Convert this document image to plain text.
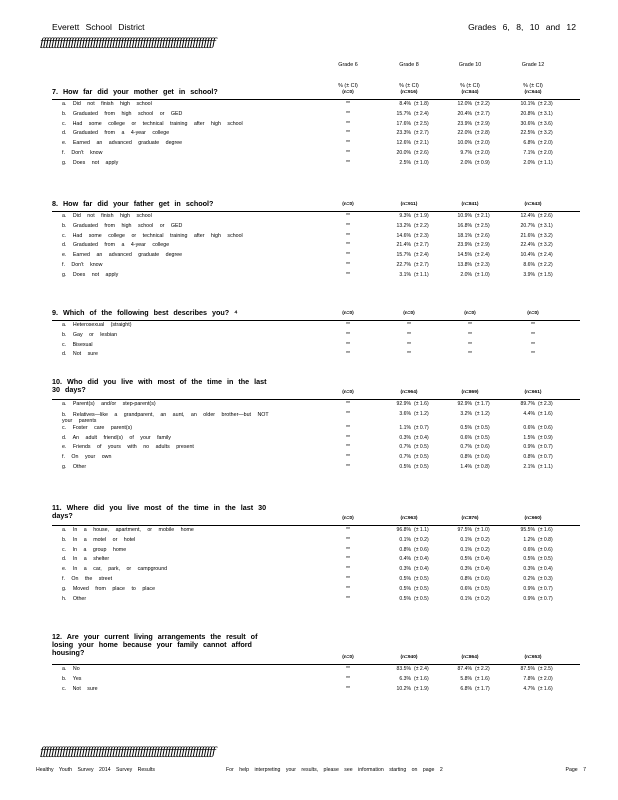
Everett School District	Grades 6, 8, 10 and 12
ƒƒƒƒƒƒƒƒƒƒƒƒƒƒƒƒƒƒƒƒƒƒƒƒƒƒƒƒƒƒƒƒƒƒƒƒƒƒƒƒƒƒƒƒƒƒƒƒƒƒƒƒƒƒƒƒƒƒƒƒƒƒƒ
Grade 6
% (± CI)
Grade 8
% (± CI)
Grade 10
% (± CI)
Grade 12
% (± CI)
7. How far did your mother get in school?	(n=0)	(n=916)	(n=844)	(n=644)
a. Did not finish high school	**	8.4% (± 1.8)	12.0% (± 2.2)	10.1% (± 2.3)
b. Graduated from high school or GED	**	15.7% (± 2.4)	20.4% (± 2.7)	20.8% (± 3.1)
c. Had some college or technical training after high school	**	17.6% (± 2.5)	23.9% (± 2.9)	30.6% (± 3.6)
d. Graduated from a 4-year college	**	23.3% (± 2.7)	22.0% (± 2.8)	22.5% (± 3.2)
e. Earned an advanced graduate degree	**	12.6% (± 2.1)	10.0% (± 2.0)	6.8% (± 2.0)
f. Don't know	**	20.0% (± 2.6)	9.7% (± 2.0)	7.1% (± 2.0)
g. Does not apply	**	2.5% (± 1.0)	2.0% (± 0.9)	2.0% (± 1.1)
8. How far did your father get in school?	(n=0)	(n=911)	(n=841)	(n=643)
a. Did not finish high school	**	9.3% (± 1.9)	10.9% (± 2.1)	12.4% (± 2.6)
b. Graduated from high school or GED	**	13.2% (± 2.2)	16.8% (± 2.5)	20.7% (± 3.1)
c. Had some college or technical training after high school	**	14.6% (± 2.3)	18.1% (± 2.6)	21.6% (± 3.2)
d. Graduated from a 4-year college	**	21.4% (± 2.7)	23.9% (± 2.9)	22.4% (± 3.2)
e. Earned an advanced graduate degree	**	15.7% (± 2.4)	14.5% (± 2.4)	10.4% (± 2.4)
f. Don't know	**	22.7% (± 2.7)	13.8% (± 2.3)	8.6% (± 2.2)
g. Does not apply	**	3.1% (± 1.1)	2.0% (± 1.0)	3.9% (± 1.5)
9. Which of the following best describes you? ⁴	(n=0)	(n=0)	(n=0)	(n=0)
a. Heterosexual (straight)	**	**	**	**
b. Gay or lesbian	**	**	**	**
c. Bisexual	**	**	**	**
d. Not sure	**	**	**	**
10. Who did you live with most of the time in the last 30 days?	(n=0)	(n=964)	(n=869)	(n=661)
a. Parent(s) and/or step-parent(s)	**	92.9% (± 1.6)	92.9% (± 1.7)	89.7% (± 2.3)
b. Relatives—like a grandparent, an aunt, an older brother—but NOT your parents
**	3.6% (± 1.2)	3.2% (± 1.2)	4.4% (± 1.6)
c. Foster care parent(s)	**	1.1% (± 0.7)	0.5% (± 0.5)	0.6% (± 0.6)
d. An adult friend(s) of your family	**	0.3% (± 0.4)	0.6% (± 0.5)	1.5% (± 0.9)
e. Friends of yours with no adults present	**	0.7% (± 0.5)	0.7% (± 0.6)	0.9% (± 0.7)
f. On your own	**	0.7% (± 0.5)	0.8% (± 0.6)	0.8% (± 0.7)
g. Other	**	0.5% (± 0.5)	1.4% (± 0.8)	2.1% (± 1.1)
11. Where did you live most of the time in the last 30 days?	(n=0)	(n=963)	(n=876)	(n=660)
a. In a house, apartment, or mobile home	**	96.8% (± 1.1)	97.5% (± 1.0)	95.5% (± 1.6)
b. In a motel or hotel	**	0.1% (± 0.2)	0.1% (± 0.2)	1.2% (± 0.8)
c. In a group home	**	0.8% (± 0.6)	0.1% (± 0.2)	0.6% (± 0.6)
d. In a shelter	**	0.4% (± 0.4)	0.5% (± 0.4)	0.5% (± 0.5)
e. In a car, park, or campground	**	0.3% (± 0.4)	0.3% (± 0.4)	0.3% (± 0.4)
f. On the street	**	0.5% (± 0.5)	0.8% (± 0.6)	0.2% (± 0.3)
g. Moved from place to place	**	0.5% (± 0.5)	0.6% (± 0.5)	0.9% (± 0.7)
h. Other	**	0.5% (± 0.5)	0.1% (± 0.2)	0.9% (± 0.7)
12. Are your current living arrangements the result of losing your home because your family cannot afford housing?
(n=0)	(n=940)	(n=864)	(n=653)
a. No	**	83.5% (± 2.4)	87.4% (± 2.2)	87.5% (± 2.5)
b. Yes	**	6.3% (± 1.6)	5.8% (± 1.6)	7.8% (± 2.0)
c. Not sure	**	10.2% (± 1.9)	6.8% (± 1.7)	4.7% (± 1.6)
ƒƒƒƒƒƒƒƒƒƒƒƒƒƒƒƒƒƒƒƒƒƒƒƒƒƒƒƒƒƒƒƒƒƒƒƒƒƒƒƒƒƒƒƒƒƒƒƒƒƒƒƒƒƒƒƒƒƒƒƒƒƒƒ
Healthy Youth Survey 2014 Survey Results	For help interpreting your results, please see information starting on page 2	Page 7
